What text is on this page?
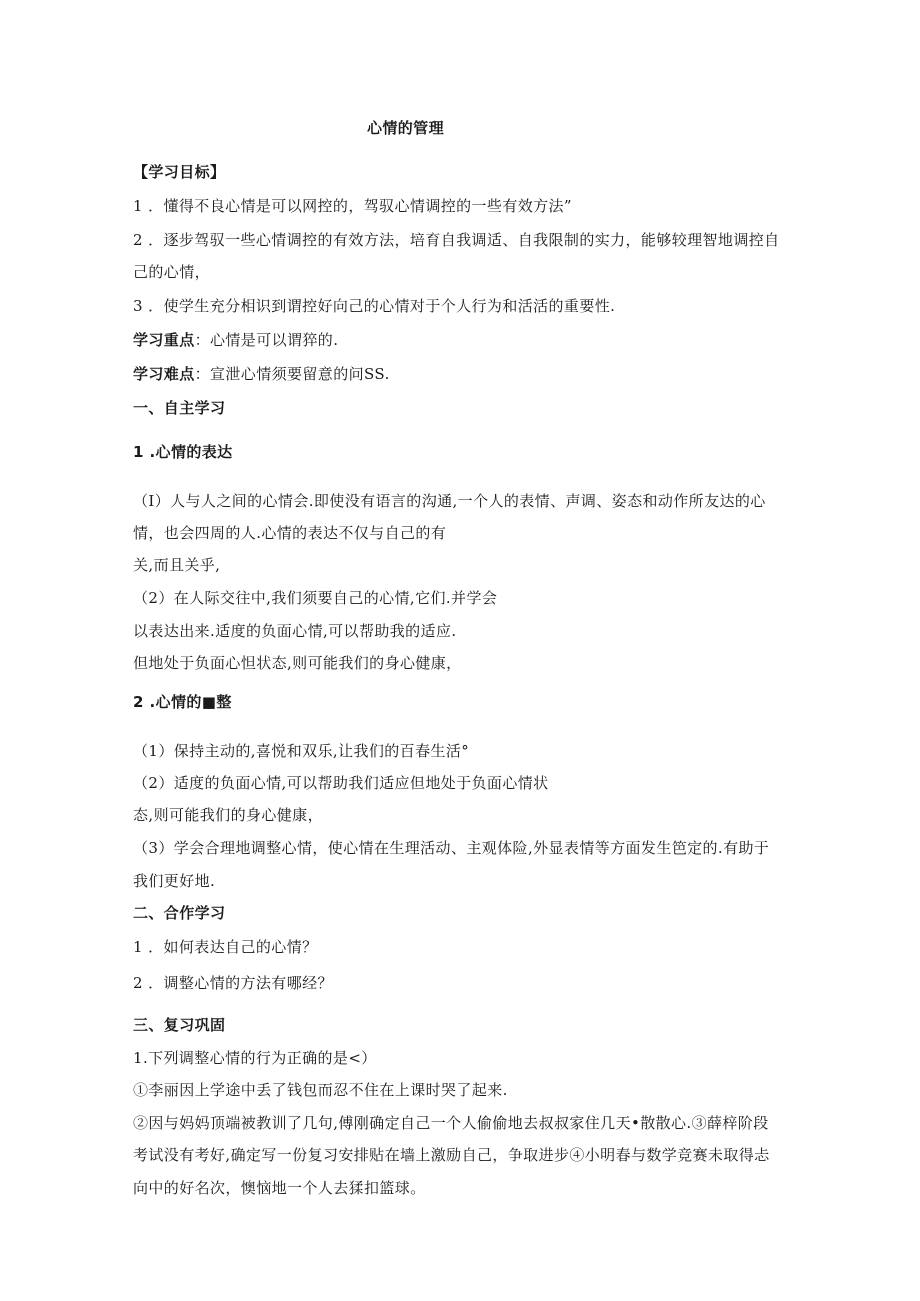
心情的管理
【学习目标】
1 ．懂得不良心情是可以网控的，驾驭心情调控的一些有效方法”
2 ．逐步驾驭一些心情调控的有效方法，培育自我调适、自我限制的实力，能够较理智地调控自
己的心情，
3 ．使学生充分相识到谓控好向己的心情对于个人行为和活活的重要性.
学习重点：心情是可以谓猝的.
学习难点：宣泄心情须要留意的问SS.
一、自主学习
1 .心情的表达
（I）人与人之间的心情会.即使没有语言的沟通,一个人的表情、声调、姿态和动作所友达的心
情，也会四周的人.心情的表达不仅与自己的有
关,而且关乎,
（2）在人际交往中,我们须要自己的心情,它们.并学会
以表达出来.适度的负面心情,可以帮助我的适应.
但地处于负面心怛状态,则可能我们的身心健康，
2 .心情的■整
（1）保持主动的,喜悦和双乐,让我们的百春生活°
（2）适度的负面心情,可以帮助我们适应但地处于负面心情状
态,则可能我们的身心健康，
（3）学会合理地调整心情，使心情在生理活动、主观体险,外显表情等方面发生笆定的.有助于
我们更好地.
二、合作学习
1 ．如何表达自己的心情？
2 ．调整心情的方法有哪经？
三、复习巩固
1.下列调整心情的行为正确的是<）
①李丽因上学途中丢了钱包而忍不住在上课时哭了起来.
②因与妈妈顶端被教训了几句,傅刚确定自己一个人偷偷地去叔叔家住几天•散散心.③薛梓阶段
考试没有考好,确定写一份复习安排贴在墙上激励自己，争取进步④小明春与数学竞赛未取得忐
向中的好名次，懊恼地一个人去猱扣篮球。
